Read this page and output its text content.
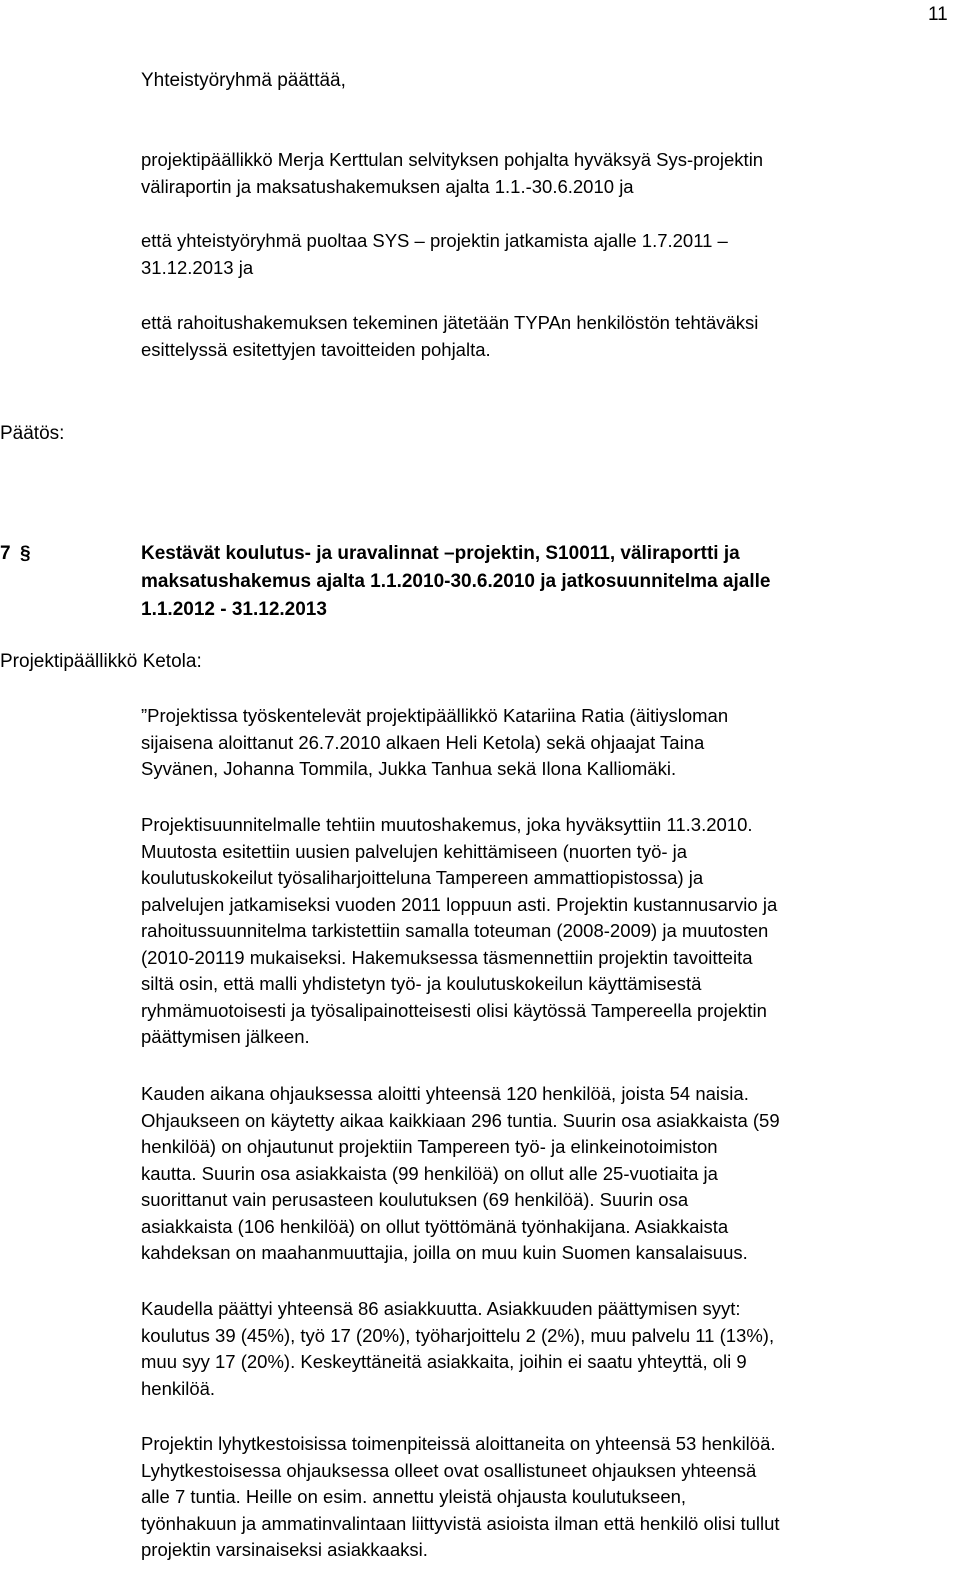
11
Yhteistyöryhmä päättää,

projektipäällikkö Merja Kerttulan selvityksen pohjalta hyväksyä Sys-projektin

väliraportin ja maksatushakemuksen ajalta 1.1.-30.6.2010 ja

että yhteistyöryhmä puoltaa SYS – projektin jatkamista ajalle 1.7.2011 –

31.12.2013 ja

että rahoitushakemuksen tekeminen jätetään TYPAn henkilöstön tehtäväksi

esittelyssä esitettyjen tavoitteiden pohjalta.

Päätös:
7 §	Kestävät koulutus- ja uravalinnat –projektin, S10011, väliraportti ja
maksatushakemus ajalta 1.1.2010-30.6.2010 ja jatkosuunnitelma ajalle
1.1.2012 - 31.12.2013
Projektipäällikkö Ketola:

”Projektissa työskentelevät projektipäällikkö Katariina Ratia (äitiysloman

sijaisena aloittanut 26.7.2010 alkaen Heli Ketola) sekä ohjaajat Taina

Syvänen, Johanna Tommila, Jukka Tanhua sekä Ilona Kalliomäki.

Projektisuunnitelmalle tehtiin muutoshakemus, joka hyväksyttiin 11.3.2010.

Muutosta esitettiin uusien palvelujen kehittämiseen (nuorten työ- ja

koulutuskokeilut työsaliharjoitteluna Tampereen ammattiopistossa) ja

palvelujen jatkamiseksi vuoden 2011 loppuun asti. Projektin kustannusarvio ja

rahoitussuunnitelma tarkistettiin samalla toteuman (2008-2009) ja muutosten

(2010-20119 mukaiseksi. Hakemuksessa täsmennettiin projektin tavoitteita

siltä osin, että malli yhdistetyn työ- ja koulutuskokeilun käyttämisestä

ryhmämuotoisesti ja työsalipainotteisesti olisi käytössä Tampereella projektin

päättymisen jälkeen.

Kauden aikana ohjauksessa aloitti yhteensä 120 henkilöä, joista 54 naisia.

Ohjaukseen on käytetty aikaa kaikkiaan 296 tuntia. Suurin osa asiakkaista (59

henkilöä) on ohjautunut projektiin Tampereen työ- ja elinkeinotoimiston

kautta. Suurin osa asiakkaista (99 henkilöä) on ollut alle 25-vuotiaita ja

suorittanut vain perusasteen koulutuksen (69 henkilöä). Suurin osa

asiakkaista (106 henkilöä) on ollut työttömänä työnhakijana. Asiakkaista

kahdeksan on maahanmuuttajia, joilla on muu kuin Suomen kansalaisuus.

Kaudella päättyi yhteensä 86 asiakkuutta. Asiakkuuden päättymisen syyt:

koulutus 39 (45%), työ 17 (20%), työharjoittelu 2 (2%), muu palvelu 11 (13%),

muu syy 17 (20%). Keskeyttäneitä asiakkaita, joihin ei saatu yhteyttä, oli 9

henkilöä.

Projektin lyhytkestoisissa toimenpiteissä aloittaneita on yhteensä 53 henkilöä.

Lyhytkestoisessa ohjauksessa olleet ovat osallistuneet ohjauksen yhteensä

alle 7 tuntia. Heille on esim. annettu yleistä ohjausta koulutukseen,

työnhakuun ja ammatinvalintaan liittyvistä asioista ilman että henkilö olisi tullut

projektin varsinaiseksi asiakkaaksi.
